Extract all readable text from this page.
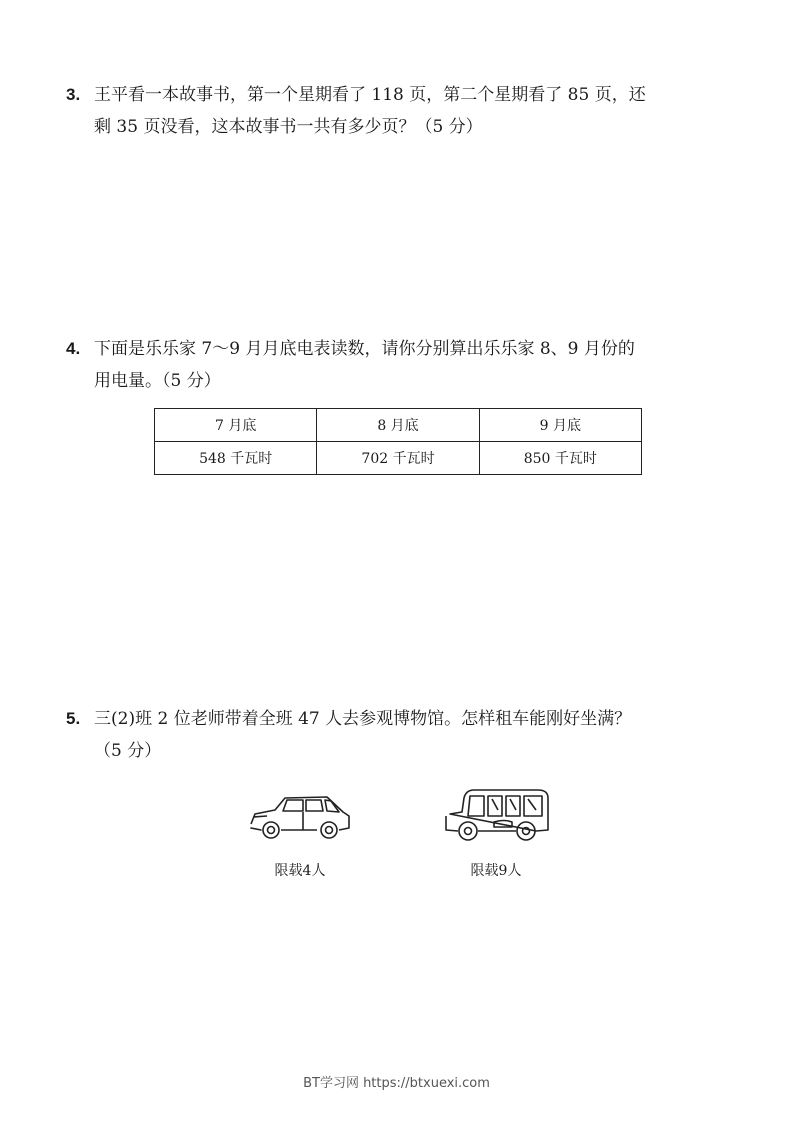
3. 王平看一本故事书，第一个星期看了 118 页，第二个星期看了 85 页，还
剩 35 页没看，这本故事书一共有多少页？（5 分）
4. 下面是乐乐家 7～9 月月底电表读数，请你分别算出乐乐家 8、9 月份的
用电量。（5 分）
7 月底	8 月底	9 月底
548 千瓦时	702 千瓦时	850 千瓦时
5. 三(2)班 2 位老师带着全班 47 人去参观博物馆。怎样租车能刚好坐满？
（5 分）
限载4人	限载9人
BT学习网 https://btxuexi.com
